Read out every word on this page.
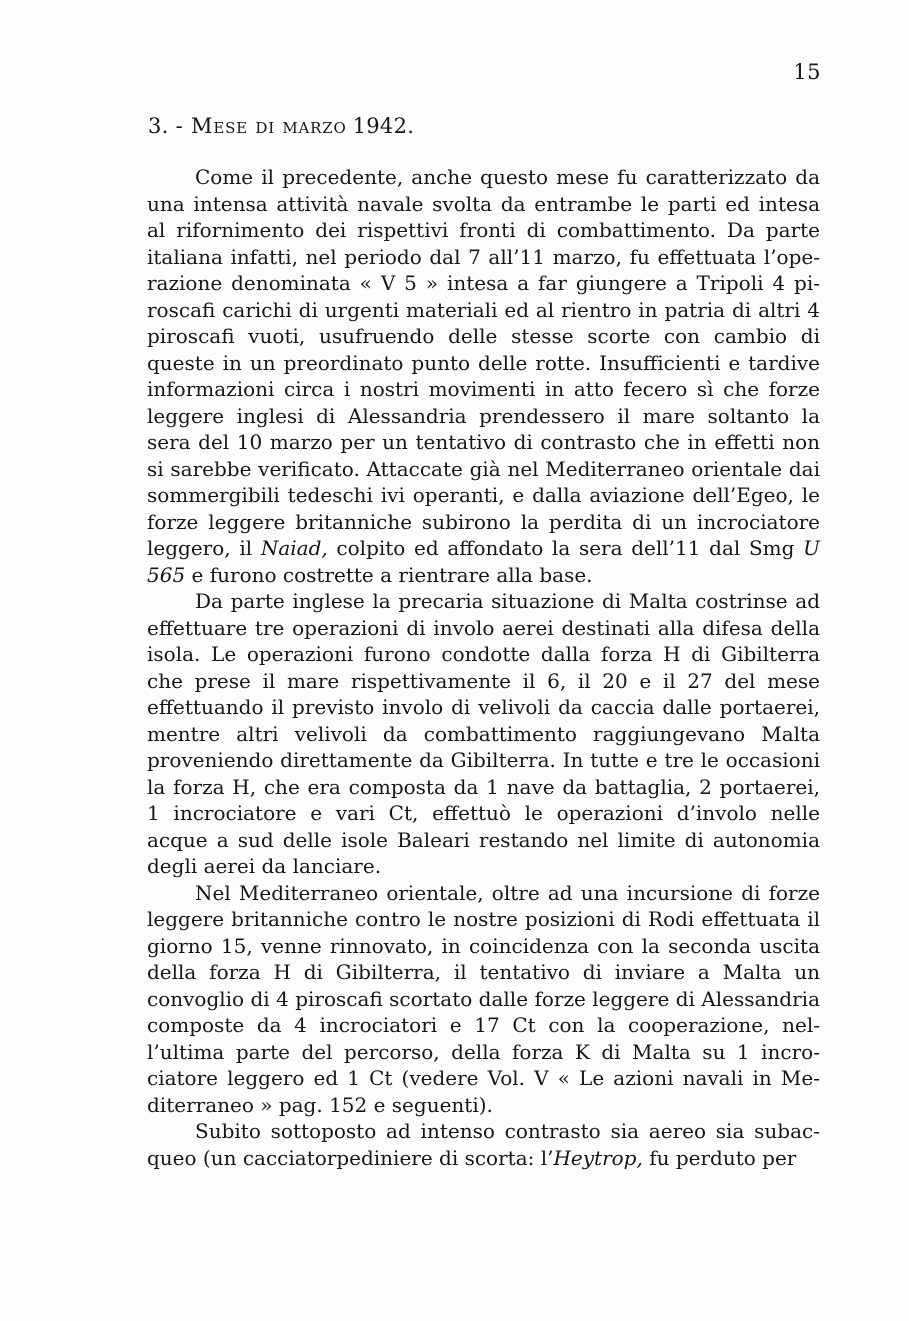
15
3. - Mese di marzo 1942.

Come il precedente, anche questo mese fu caratterizzato da una intensa attività navale svolta da entrambe le parti ed intesa al rifornimento dei rispettivi fronti di combattimento. Da parte italiana infatti, nel periodo dal 7 all’11 marzo, fu effettuata l’operazione denominata « V 5 » intesa a far giungere a Tripoli 4 piroscafi carichi di urgenti materiali ed al rientro in patria di altri 4 piroscafi vuoti, usufruendo delle stesse scorte con cambio di queste in un preordinato punto delle rotte. Insufficienti e tardive informazioni circa i nostri movimenti in atto fecero sì che forze leggere inglesi di Alessandria prendessero il mare soltanto la sera del 10 marzo per un tentativo di contrasto che in effetti non si sarebbe verificato. Attaccate già nel Mediterraneo orientale dai sommergibili tedeschi ivi operanti, e dalla aviazione dell’Egeo, le forze leggere britanniche subirono la perdita di un incrociatore leggero, il Naiad, colpito ed affondato la sera dell’11 dal Smg U 565 e furono costrette a rientrare alla base.

Da parte inglese la precaria situazione di Malta costrinse ad effettuare tre operazioni di involo aerei destinati alla difesa della isola. Le operazioni furono condotte dalla forza H di Gibilterra che prese il mare rispettivamente il 6, il 20 e il 27 del mese effettuando il previsto involo di velivoli da caccia dalle portaerei, mentre altri velivoli da combattimento raggiungevano Malta proveniendo direttamente da Gibilterra. In tutte e tre le occasioni la forza H, che era composta da 1 nave da battaglia, 2 portaerei, 1 incrociatore e vari Ct, effettuò le operazioni d’involo nelle acque a sud delle isole Baleari restando nel limite di autonomia degli aerei da lanciare.

Nel Mediterraneo orientale, oltre ad una incursione di forze leggere britanniche contro le nostre posizioni di Rodi effettuata il giorno 15, venne rinnovato, in coincidenza con la seconda uscita della forza H di Gibilterra, il tentativo di inviare a Malta un convoglio di 4 piroscafi scortato dalle forze leggere di Alessandria composte da 4 incrociatori e 17 Ct con la cooperazione, nell’ultima parte del percorso, della forza K di Malta su 1 incrociatore leggero ed 1 Ct (vedere Vol. V « Le azioni navali in Mediterraneo » pag. 152 e seguenti).

Subito sottoposto ad intenso contrasto sia aereo sia subacqueo (un cacciatorpediniere di scorta: l’Heytrop, fu perduto per
